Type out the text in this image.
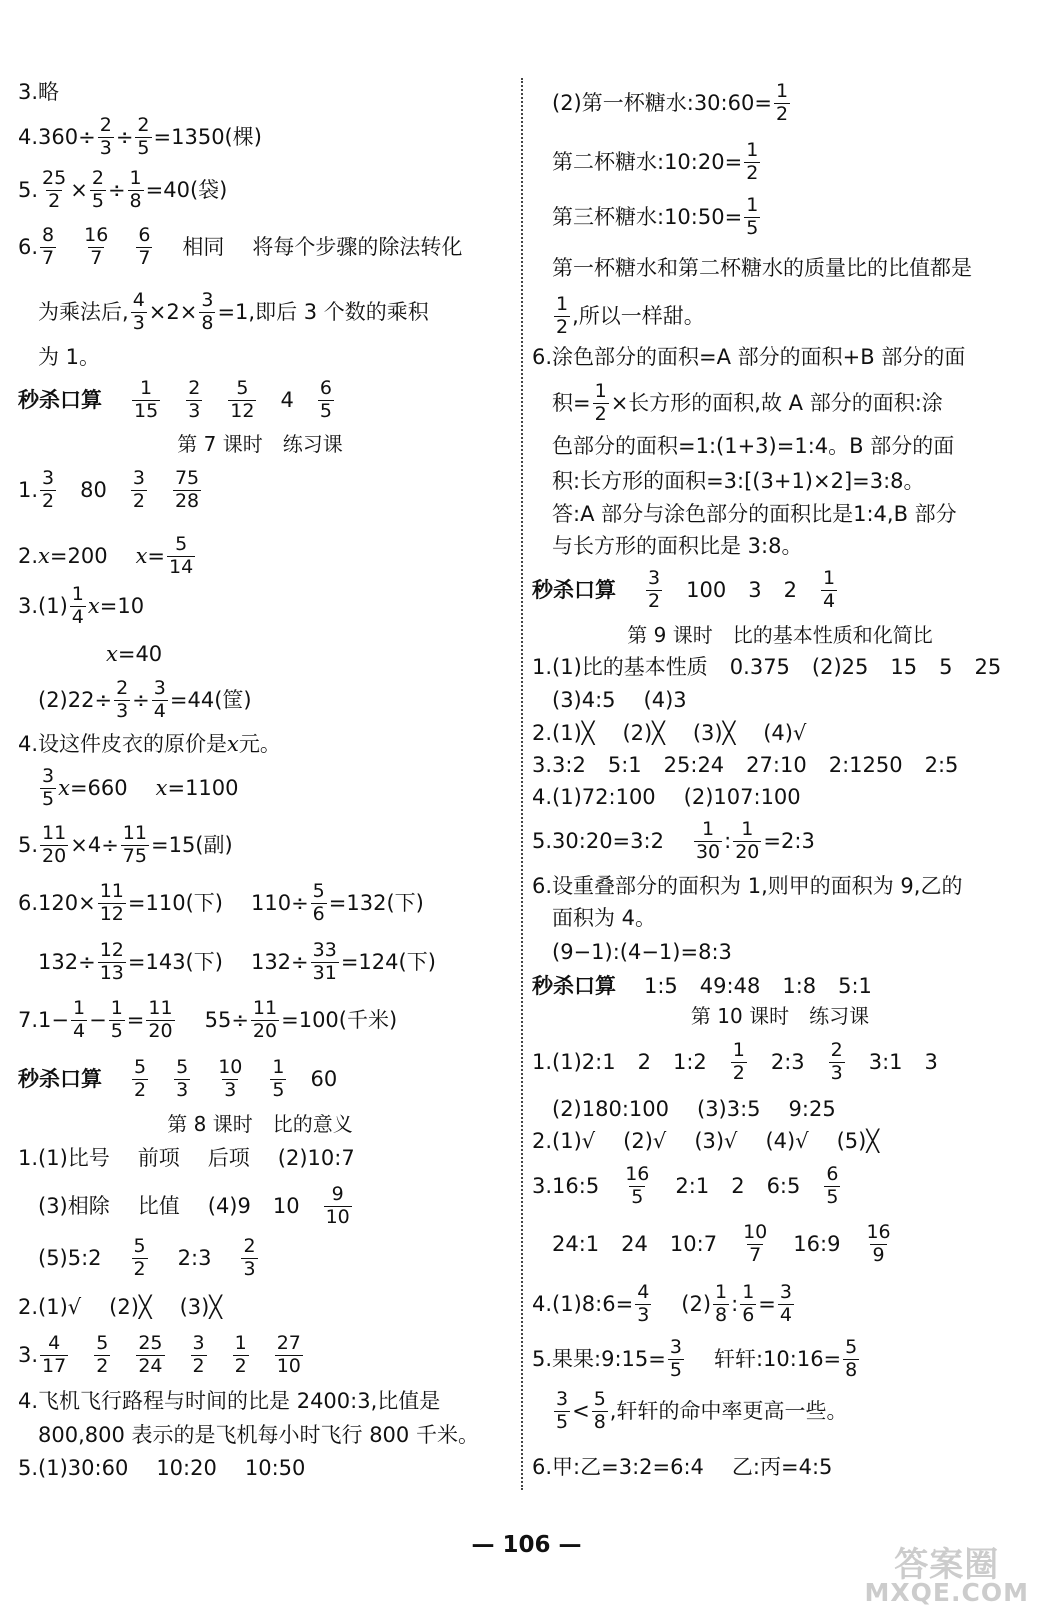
3.略
$4.360\div \frac{2}{3} \div \frac{2}{5} =1350$(棵)
5. $\frac{25}{2} \times \frac{2}{5} \div \frac{1}{8} =40$(袋)
6. $\frac{8}{7} \frac{16}{7} \frac{6}{7}$ 相同 将每个步骤的除法转化
为乘法后, $\frac{4}{3} \times 2\times \frac{3}{8} =1$,即后 3 个数的乘积
为 1。
秒杀口算 $\frac{1}{15} \frac{2}{3} \frac{5}{12} 4 \frac{6}{5}$
第 7 课时　练习课
1. $\frac{3}{2} 80 \frac{3}{2} \frac{75}{28}$
2. x =200 $x = \frac{5}{14}$
$3.(1) \frac{1}{4}$ x =10
x =40
$(2)22\div \frac{2}{3} \div \frac{3}{4} =44$(筐)
4.设这件皮衣的原价是 x 元。
$\frac{3}{5}$ x =660 x =1100
5. $\frac{11}{20} \times 4\div \frac{11}{75} =15$(副)
$6.120\times \frac{11}{12} =110$(下) $110\div \frac{5}{6} =132$(下)
$132\div \frac{12}{13} =143$(下) $132\div \frac{33}{31} =124$(下)
$7.1- \frac{1}{4} - \frac{1}{5} = \frac{11}{20} 55\div \frac{11}{20} =100$(千米)
秒杀口算 $\frac{5}{2} \frac{5}{3} \frac{10}{3} \frac{1}{5} 60$
第 8 课时　比的意义
1.(1)比号 前项 后项 (2)10:7
(3)相除 比值 (4)9 $10 \frac{9}{10}$
(5)5:2 $\frac{5}{2}$ 2:3 $\frac{2}{3}$
2.(1)√ (2)╳ (3)╳
3. $\frac{4}{17} \frac{5}{2} \frac{25}{24} \frac{3}{2} \frac{1}{2} \frac{27}{10}$
4.飞机飞行路程与时间的比是 2400:3,比值是
800,800 表示的是飞机每小时飞行 800 千米。
5.(1)30:60 10:20 10:50
(2)第一杯糖水:30:60= $\frac{1}{2}$
第二杯糖水:10:20= $\frac{1}{2}$
第三杯糖水:10:50= $\frac{1}{5}$
第一杯糖水和第二杯糖水的质量比的比值都是
$\frac{1}{2}$ ,所以一样甜。
6.涂色部分的面积=A 部分的面积+B 部分的面
积= $\frac{1}{2}$ ×长方形的面积,故 A 部分的面积:涂
色部分的面积=1:(1+3)=1:4。B 部分的面
积:长方形的面积=3:[(3+1)×2]=3:8。
答:A 部分与涂色部分的面积比是1:4,B 部分
与长方形的面积比是 3:8。
秒杀口算 $\frac{3}{2} 100$ 3 $2 \frac{1}{4}$
第 9 课时　比的基本性质和化简比
1.(1)比的基本性质 0.375 (2)25 15 5 25
(3)4:5 (4)3
2.(1)╳ (2)╳ (3)╳ (4)√
3.3:2 5:1 25:24 27:10 2:1250 2:5
4.(1)72:100 (2)107:100
5.30:20=3:2 $\frac{1}{30}$ : $\frac{1}{20}$ =2:3
6.设重叠部分的面积为 1,则甲的面积为 9,乙的
面积为 4。
(9−1):(4−1)=8:3
秒杀口算 1:5 49:48 1:8 5:1
第 10 课时　练习课
1.(1)2:1 2 1:2 $\frac{1}{2}$ 2:3 $\frac{2}{3}$ 3:1 3
(2)180:100 (3)3:5 9:25
2.(1)√ (2)√ (3)√ (4)√ (5)╳
3.16:5 $\frac{16}{5}$ 2:1 2 6:5 $\frac{6}{5}$
24:1 24 10:7 $\frac{10}{7}$ 16:9 $\frac{16}{9}$
4.(1)8:6= $\frac{4}{3} (2) \frac{1}{8}$ : $\frac{1}{6} = \frac{3}{4}$
5.果果:9:15= $\frac{3}{5}$ 轩轩:10:16= $\frac{5}{8}$
$\frac{3}{5} < \frac{5}{8}$ ,轩轩的命中率更高一些。
6.甲:乙=3:2=6:4 乙:丙=4:5
— 106 —	答案圈
MXQE.COM
